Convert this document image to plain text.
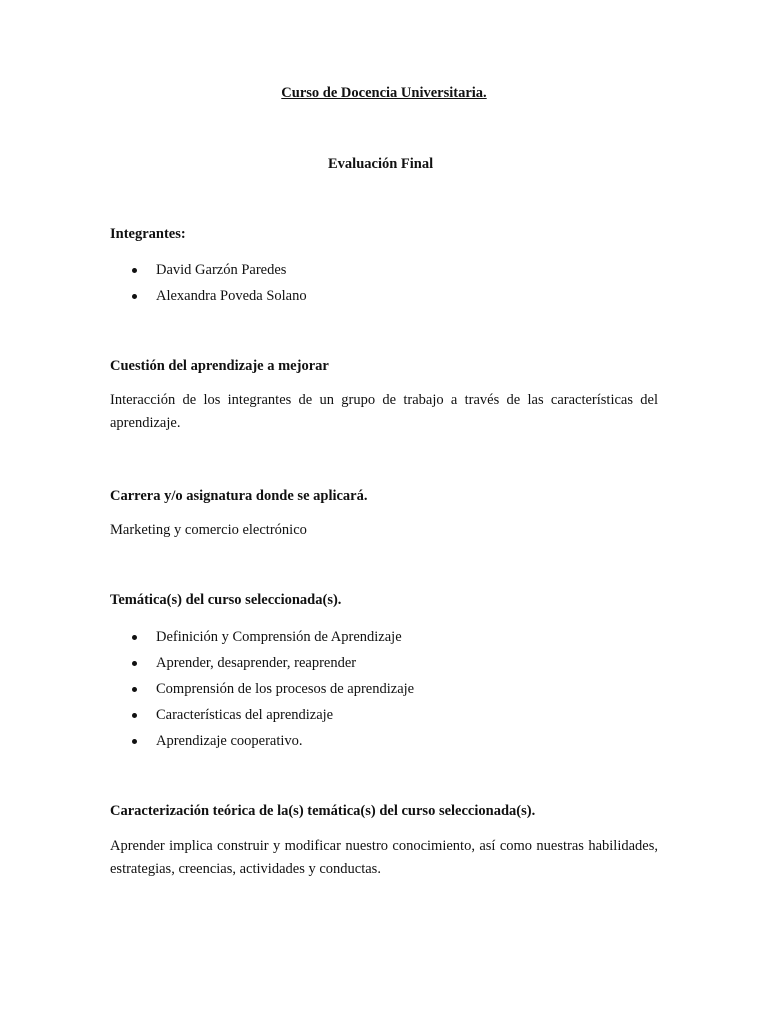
Curso de Docencia Universitaria.
Evaluación Final
Integrantes:
David Garzón Paredes
Alexandra Poveda Solano
Cuestión del aprendizaje a mejorar
Interacción de los integrantes de un grupo de trabajo a través de las características del aprendizaje.
Carrera y/o asignatura donde se aplicará.
Marketing y comercio electrónico
Temática(s) del curso seleccionada(s).
Definición y Comprensión de Aprendizaje
Aprender, desaprender, reaprender
Comprensión de los procesos de aprendizaje
Características del aprendizaje
Aprendizaje cooperativo.
Caracterización teórica de la(s) temática(s) del curso seleccionada(s).
Aprender implica construir y modificar nuestro conocimiento, así como nuestras habilidades, estrategias, creencias, actividades y conductas.
